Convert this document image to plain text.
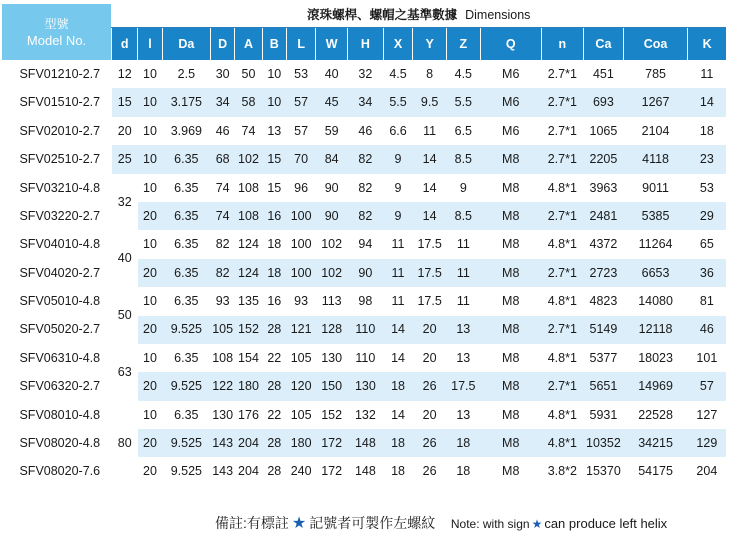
型號
Model No.	滾珠螺桿、螺帽之基準數據 Dimensions																
	d	l	Da	D	A	B	L	W	H	X	Y	Z	Q	n	Ca	Coa	K
SFV01210-2.7	12	10	2.5	30	50	10	53	40	32	4.5	8	4.5	M6	2.7*1	451	785	11
SFV01510-2.7	15	10	3.175	34	58	10	57	45	34	5.5	9.5	5.5	M6	2.7*1	693	1267	14
SFV02010-2.7	20	10	3.969	46	74	13	57	59	46	6.6	11	6.5	M6	2.7*1	1065	2104	18
SFV02510-2.7	25	10	6.35	68	102	15	70	84	82	9	14	8.5	M8	2.7*1	2205	4118	23
SFV03210-4.8	32	10	6.35	74	108	15	96	90	82	9	14	9	M8	4.8*1	3963	9011	53
SFV03220-2.7		20	6.35	74	108	16	100	90	82	9	14	8.5	M8	2.7*1	2481	5385	29
SFV04010-4.8	40	10	6.35	82	124	18	100	102	94	11	17.5	11	M8	4.8*1	4372	11264	65
SFV04020-2.7		20	6.35	82	124	18	100	102	90	11	17.5	11	M8	2.7*1	2723	6653	36
SFV05010-4.8	50	10	6.35	93	135	16	93	113	98	11	17.5	11	M8	4.8*1	4823	14080	81
SFV05020-2.7		20	9.525	105	152	28	121	128	110	14	20	13	M8	2.7*1	5149	12118	46
SFV06310-4.8	63	10	6.35	108	154	22	105	130	110	14	20	13	M8	4.8*1	5377	18023	101
SFV06320-2.7		20	9.525	122	180	28	120	150	130	18	26	17.5	M8	2.7*1	5651	14969	57
SFV08010-4.8	80	10	6.35	130	176	22	105	152	132	14	20	13	M8	4.8*1	5931	22528	127
SFV08020-4.8		20	9.525	143	204	28	180	172	148	18	26	18	M8	4.8*1	10352	34215	129
SFV08020-7.6		20	9.525	143	204	28	240	172	148	18	26	18	M8	3.8*2	15370	54175	204
備註:有標註 ★ 記號者可製作左螺紋 Note: with sign ★ can produce left helix
